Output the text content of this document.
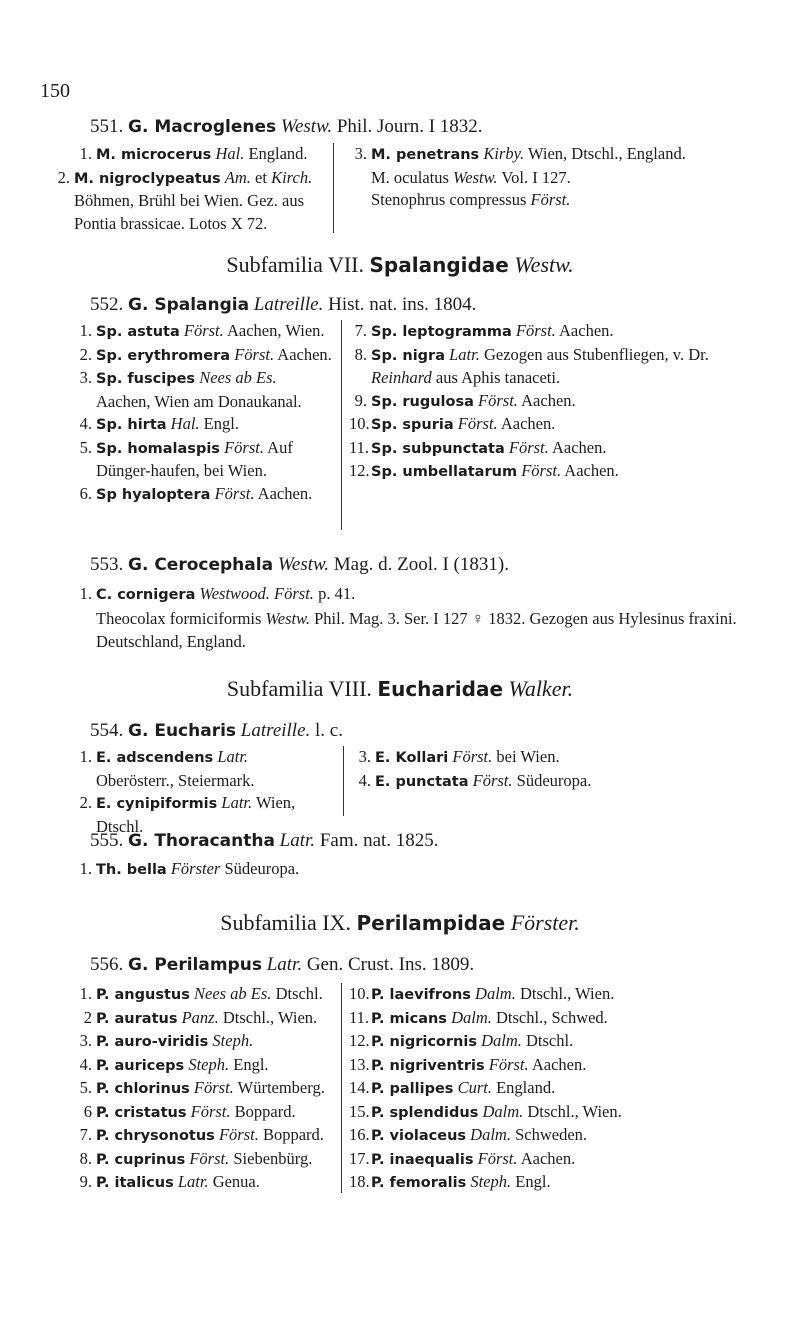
150
551. G. Macroglenes Westw. Phil. Journ. I 1832.
1. M. microcerus Hal. England.
2. M. nigroclypeatus Am. et Kirch. Böhmen, Brühl bei Wien. Gez. aus Pontia brassicae. Lotos X 72.
3. M. penetrans Kirby. Wien, Dtschl., England.
M. oculatus Westw. Vol. I 127.
Stenophrus compressus Först.
Subfamilia VII. Spalangidae Westw.
552. G. Spalangia Latreille. Hist. nat. ins. 1804.
1. Sp. astuta Först. Aachen, Wien.
2. Sp. erythromera Först. Aachen.
3. Sp. fuscipes Nees ab Es. Aachen, Wien am Donaukanal.
4. Sp. hirta Hal. Engl.
5. Sp. homalaspis Först. Auf Dünger-haufen, bei Wien.
6. Sp hyaloptera Först. Aachen.
7. Sp. leptogramma Först. Aachen.
8. Sp. nigra Latr. Gezogen aus Stubenfliegen, v. Dr. Reinhard aus Aphis tanaceti.
9. Sp. rugulosa Först. Aachen.
10. Sp. spuria Först. Aachen.
11. Sp. subpunctata Först. Aachen.
12. Sp. umbellatarum Först. Aachen.
553. G. Cerocephala Westw. Mag. d. Zool. I (1831).
1. C. cornigera Westwood. Först. p. 41.
Theocolax formiciformis Westw. Phil. Mag. 3. Ser. I 127 ♀ 1832. Gezogen aus Hylesinus fraxini. Deutschland, England.
Subfamilia VIII. Eucharidae Walker.
554. G. Eucharis Latreille. l. c.
1. E. adscendens Latr. Oberösterr., Steiermark.
2. E. cynipiformis Latr. Wien, Dtschl.
3. E. Kollari Först. bei Wien.
4. E. punctata Först. Südeuropa.
555. G. Thoracantha Latr. Fam. nat. 1825.
1. Th. bella Förster Südeuropa.
Subfamilia IX. Perilampidae Förster.
556. G. Perilampus Latr. Gen. Crust. Ins. 1809.
1. P. angustus Nees ab Es. Dtschl.
2 P. auratus Panz. Dtschl., Wien.
3. P. auro-viridis Steph.
4. P. auriceps Steph. Engl.
5. P. chlorinus Först. Würtemberg.
6 P. cristatus Först. Boppard.
7. P. chrysonotus Först. Boppard.
8. P. cuprinus Först. Siebenbürg.
9. P. italicus Latr. Genua.
10. P. laevifrons Dalm. Dtschl., Wien.
11. P. micans Dalm. Dtschl., Schwed.
12. P. nigricornis Dalm. Dtschl.
13. P. nigriventris Först. Aachen.
14. P. pallipes Curt. England.
15. P. splendidus Dalm. Dtschl., Wien.
16. P. violaceus Dalm. Schweden.
17. P. inaequalis Först. Aachen.
18. P. femoralis Steph. Engl.
